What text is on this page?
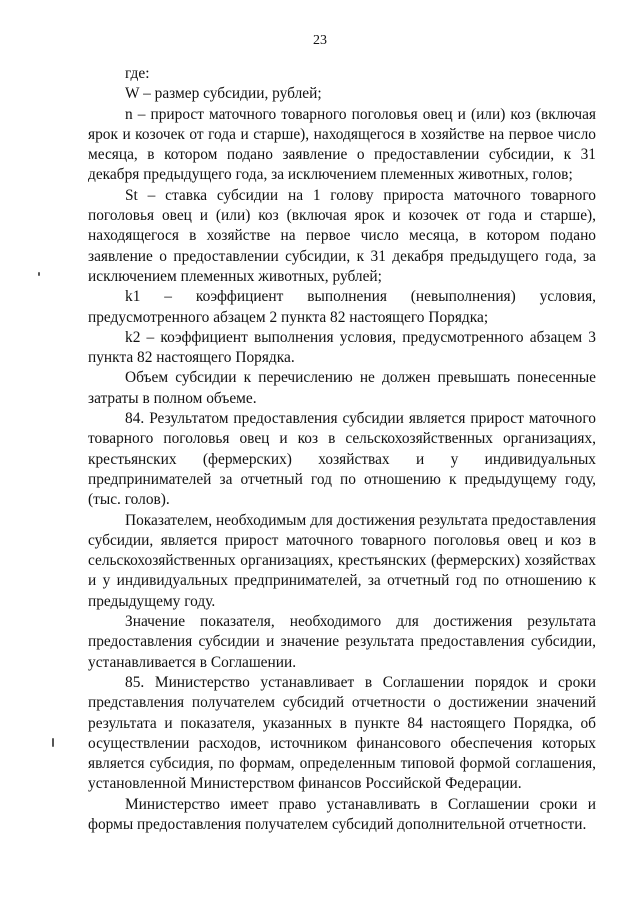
23

где:

W – размер субсидии, рублей;

n – прирост маточного товарного поголовья овец и (или) коз (включая ярок и козочек от года и старше), находящегося в хозяйстве на первое число месяца, в котором подано заявление о предоставлении субсидии, к 31 декабря предыдущего года, за исключением племенных животных, голов;

St – ставка субсидии на 1 голову прироста маточного товарного поголовья овец и (или) коз (включая ярок и козочек от года и старше), находящегося в хозяйстве на первое число месяца, в котором подано заявление о предоставлении субсидии, к 31 декабря предыдущего года, за исключением племенных животных, рублей;

k1 – коэффициент выполнения (невыполнения) условия, предусмотренного абзацем 2 пункта 82 настоящего Порядка;

k2 – коэффициент выполнения условия, предусмотренного абзацем 3 пункта 82 настоящего Порядка.

Объем субсидии к перечислению не должен превышать понесенные затраты в полном объеме.

84. Результатом предоставления субсидии является прирост маточного товарного поголовья овец и коз в сельскохозяйственных организациях, крестьянских (фермерских) хозяйствах и у индивидуальных предпринимателей за отчетный год по отношению к предыдущему году, (тыс. голов).

Показателем, необходимым для достижения результата предоставления субсидии, является прирост маточного товарного поголовья овец и коз в сельскохозяйственных организациях, крестьянских (фермерских) хозяйствах и у индивидуальных предпринимателей, за отчетный год по отношению к предыдущему году.

Значение показателя, необходимого для достижения результата предоставления субсидии и значение результата предоставления субсидии, устанавливается в Соглашении.

85. Министерство устанавливает в Соглашении порядок и сроки представления получателем субсидий отчетности о достижении значений результата и показателя, указанных в пункте 84 настоящего Порядка, об осуществлении расходов, источником финансового обеспечения которых является субсидия, по формам, определенным типовой формой соглашения, установленной Министерством финансов Российской Федерации.

Министерство имеет право устанавливать в Соглашении сроки и формы предоставления получателем субсидий дополнительной отчетности.
